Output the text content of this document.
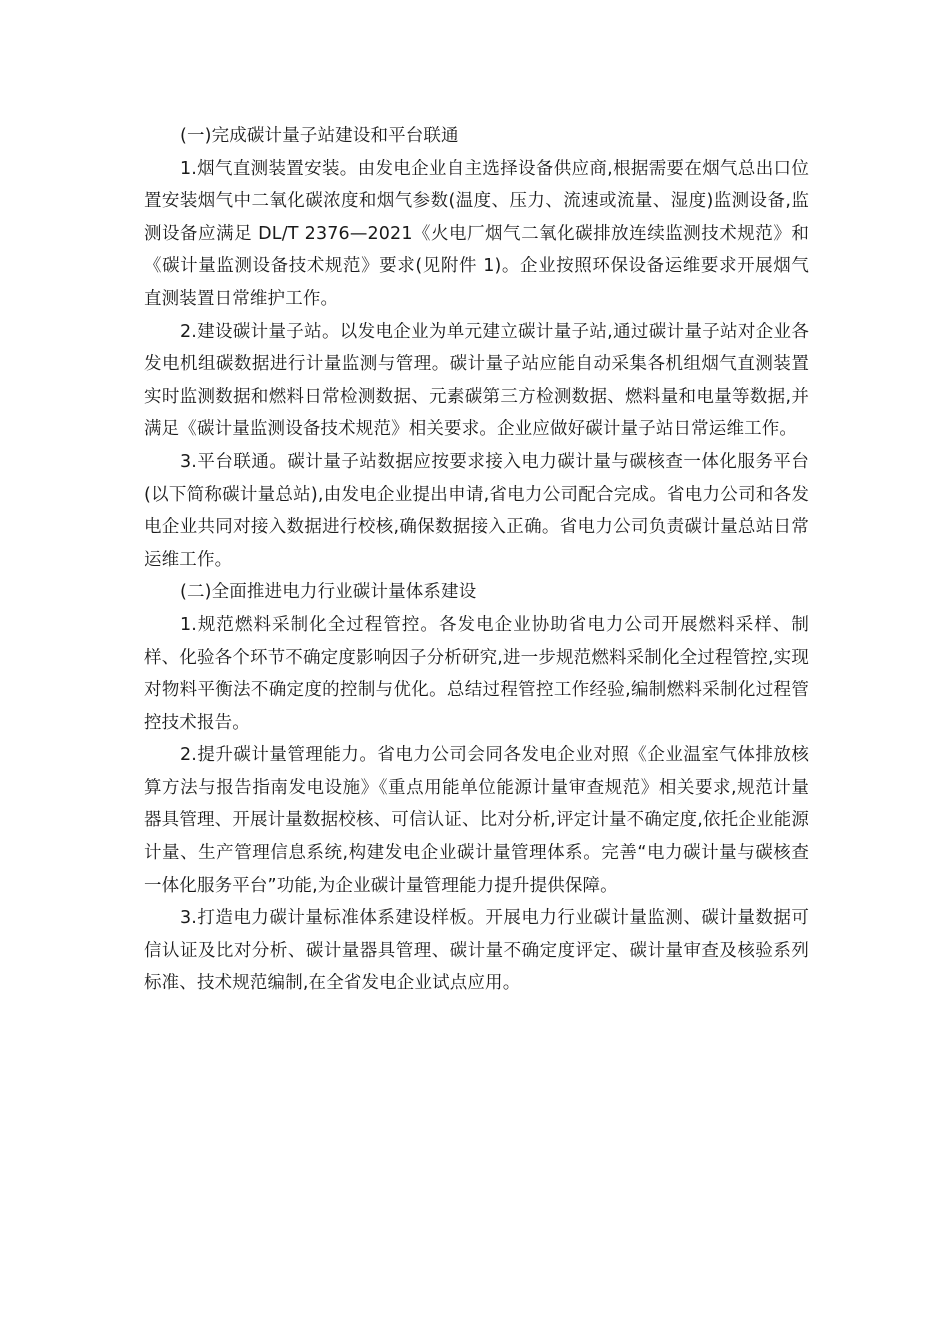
(一)完成碳计量子站建设和平台联通

1.烟气直测装置安装。由发电企业自主选择设备供应商,根据需要在烟气总出口位置安装烟气中二氧化碳浓度和烟气参数(温度、压力、流速或流量、湿度)监测设备,监测设备应满足 DL/T 2376—2021《火电厂烟气二氧化碳排放连续监测技术规范》和《碳计量监测设备技术规范》要求(见附件 1)。企业按照环保设备运维要求开展烟气直测装置日常维护工作。

2.建设碳计量子站。以发电企业为单元建立碳计量子站,通过碳计量子站对企业各发电机组碳数据进行计量监测与管理。碳计量子站应能自动采集各机组烟气直测装置实时监测数据和燃料日常检测数据、元素碳第三方检测数据、燃料量和电量等数据,并满足《碳计量监测设备技术规范》相关要求。企业应做好碳计量子站日常运维工作。

3.平台联通。碳计量子站数据应按要求接入电力碳计量与碳核查一体化服务平台(以下简称碳计量总站),由发电企业提出申请,省电力公司配合完成。省电力公司和各发电企业共同对接入数据进行校核,确保数据接入正确。省电力公司负责碳计量总站日常运维工作。

(二)全面推进电力行业碳计量体系建设

1.规范燃料采制化全过程管控。各发电企业协助省电力公司开展燃料采样、制样、化验各个环节不确定度影响因子分析研究,进一步规范燃料采制化全过程管控,实现对物料平衡法不确定度的控制与优化。总结过程管控工作经验,编制燃料采制化过程管控技术报告。

2.提升碳计量管理能力。省电力公司会同各发电企业对照《企业温室气体排放核算方法与报告指南发电设施》《重点用能单位能源计量审查规范》相关要求,规范计量器具管理、开展计量数据校核、可信认证、比对分析,评定计量不确定度,依托企业能源计量、生产管理信息系统,构建发电企业碳计量管理体系。完善“电力碳计量与碳核查一体化服务平台”功能,为企业碳计量管理能力提升提供保障。

3.打造电力碳计量标准体系建设样板。开展电力行业碳计量监测、碳计量数据可信认证及比对分析、碳计量器具管理、碳计量不确定度评定、碳计量审查及核验系列标准、技术规范编制,在全省发电企业试点应用。
